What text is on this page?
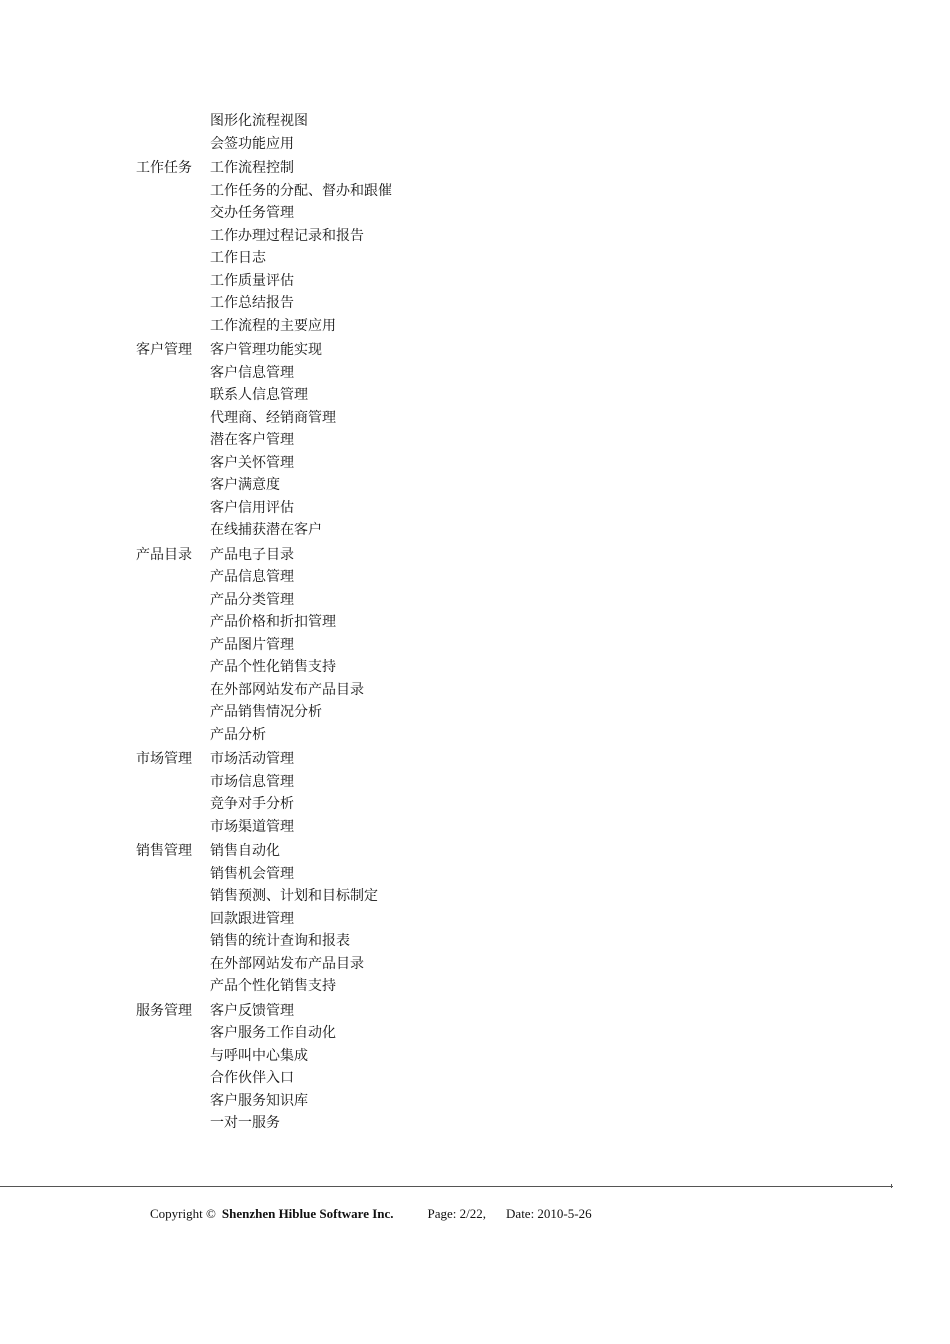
图形化流程视图
会签功能应用
工作任务 工作流程控制
工作任务的分配、督办和跟催
交办任务管理
工作办理过程记录和报告
工作日志
工作质量评估
工作总结报告
工作流程的主要应用
客户管理 客户管理功能实现
客户信息管理
联系人信息管理
代理商、经销商管理
潜在客户管理
客户关怀管理
客户满意度
客户信用评估
在线捕获潜在客户
产品目录 产品电子目录
产品信息管理
产品分类管理
产品价格和折扣管理
产品图片管理
产品个性化销售支持
在外部网站发布产品目录
产品销售情况分析
产品分析
市场管理 市场活动管理
市场信息管理
竞争对手分析
市场渠道管理
销售管理 销售自动化
销售机会管理
销售预测、计划和目标制定
回款跟进管理
销售的统计查询和报表
在外部网站发布产品目录
产品个性化销售支持
服务管理 客户反馈管理
客户服务工作自动化
与呼叫中心集成
合作伙伴入口
客户服务知识库
一对一服务
Copyright © Shenzhen Hiblue Software Inc.	Page: 2/22, Date: 2010-5-26
